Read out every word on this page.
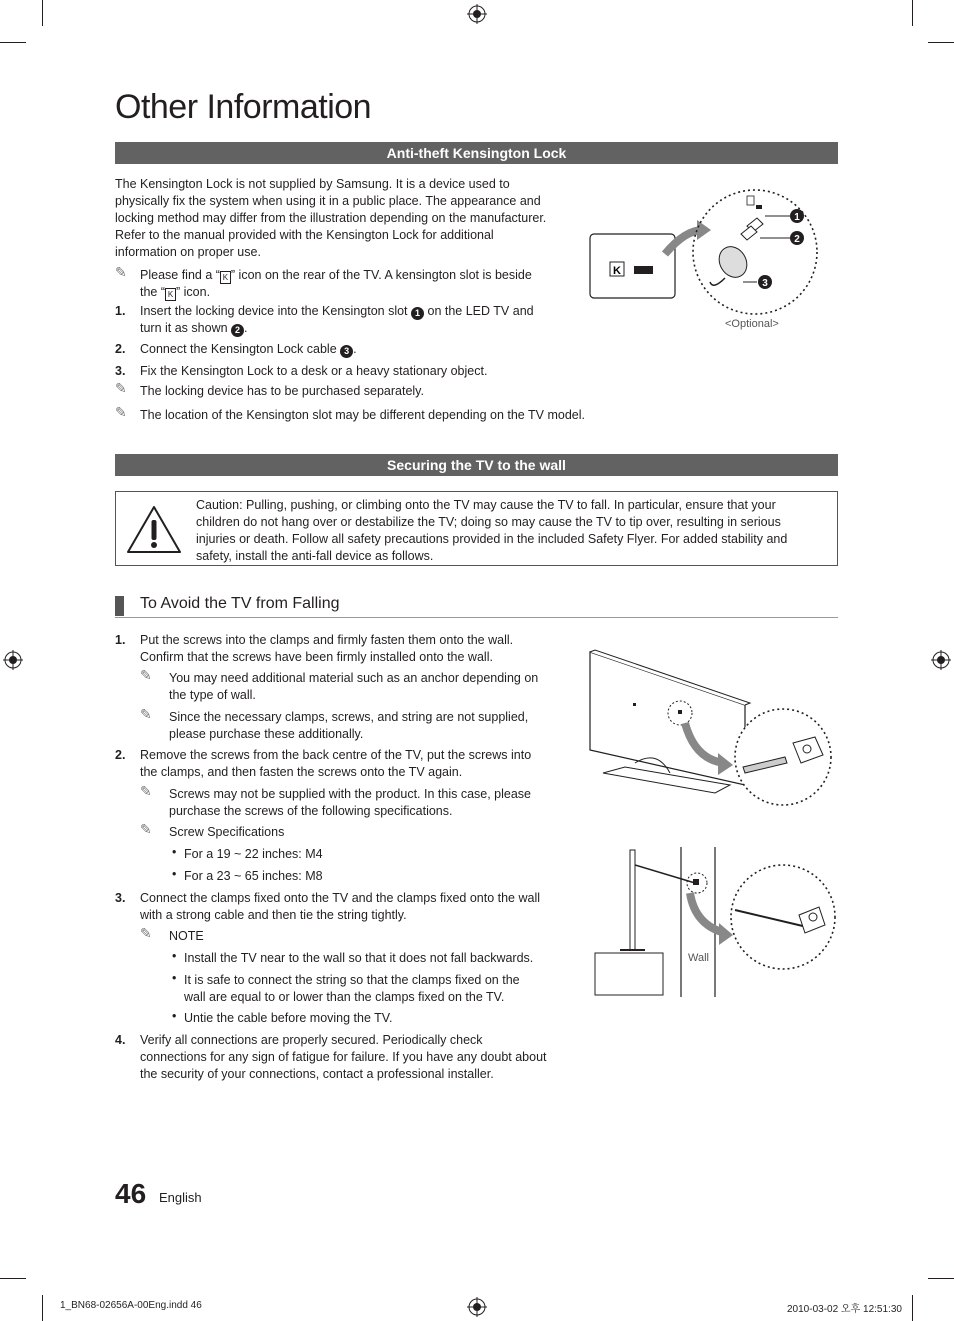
Other Information
Anti-theft Kensington Lock
The Kensington Lock is not supplied by Samsung. It is a device used to
physically fix the system when using it in a public place. The appearance and
locking method may differ from the illustration depending on the manufacturer.
Refer to the manual provided with the Kensington Lock for additional
information on proper use.
✎ Please find a “ K ” icon on the rear of the TV. A kensington slot is beside
the “ K ” icon.
1. Insert the locking device into the Kensington slot 1 on the LED TV and
turn it as shown 2 .
2. Connect the Kensington Lock cable 3 .
3. Fix the Kensington Lock to a desk or a heavy stationary object.
✎ The locking device has to be purchased separately.
✎ The location of the Kensington slot may be different depending on the TV model.
K
1
2
3
<Optional>
Securing the TV to the wall
Caution: Pulling, pushing, or climbing onto the TV may cause the TV to fall. In particular, ensure that your
children do not hang over or destabilize the TV; doing so may cause the TV to tip over, resulting in serious
injuries or death. Follow all safety precautions provided in the included Safety Flyer. For added stability and
safety, install the anti-fall device as follows.
To Avoid the TV from Falling
1. Put the screws into the clamps and firmly fasten them onto the wall.
Confirm that the screws have been firmly installed onto the wall.
✎ You may need additional material such as an anchor depending on
the type of wall.
✎ Since the necessary clamps, screws, and string are not supplied,
please purchase these additionally.
2. Remove the screws from the back centre of the TV, put the screws into
the clamps, and then fasten the screws onto the TV again.
✎ Screws may not be supplied with the product. In this case, please
purchase the screws of the following specifications.
✎ Screw Specifications
• For a 19 ~ 22 inches: M4
• For a 23 ~ 65 inches: M8
3. Connect the clamps fixed onto the TV and the clamps fixed onto the wall
with a strong cable and then tie the string tightly.
✎ NOTE
• Install the TV near to the wall so that it does not fall backwards.
• It is safe to connect the string so that the clamps fixed on the
wall are equal to or lower than the clamps fixed on the TV.
• Untie the cable before moving the TV.
4. Verify all connections are properly secured. Periodically check
connections for any sign of fatigue for failure. If you have any doubt about
the security of your connections, contact a professional installer.
Wall
46 English
1_BN68-02656A-00Eng.indd 46	2010-03-02 오후 12:51:30
